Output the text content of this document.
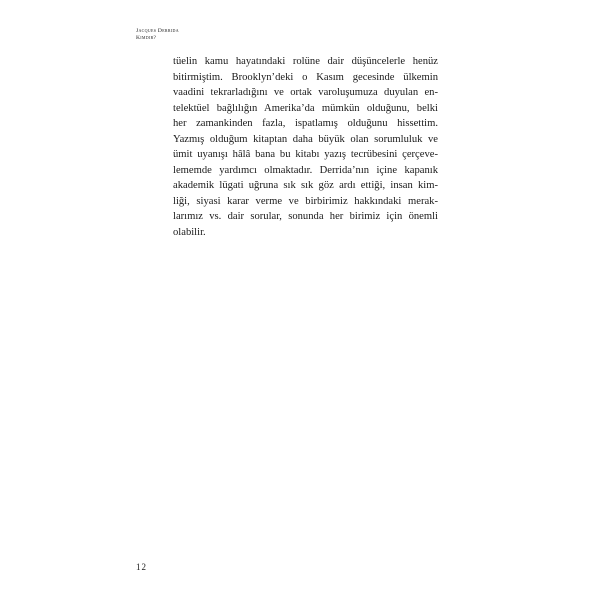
Jacques Derrida
Kimdir?
tüelin kamu hayatındaki rolüne dair düşüncelerle henüz
bitirmiştim. Brooklyn’deki o Kasım gecesinde ülkemin
vaadini tekrarladığını ve ortak varoluşumuza duyulan en-
telektüel bağlılığın Amerika’da mümkün olduğunu, belki
her zamankinden fazla, ispatlamış olduğunu hissettim.
Yazmış olduğum kitaptan daha büyük olan sorumluluk ve
ümit uyanışı hâlâ bana bu kitabı yazış tecrübesini çerçeve-
lememde yardımcı olmaktadır. Derrida’nın içine kapanık
akademik lügati uğruna sık sık göz ardı ettiği, insan kim-
liği, siyasi karar verme ve birbirimiz hakkındaki merak-
larımız vs. dair sorular, sonunda her birimiz için önemli
olabilir.
12
